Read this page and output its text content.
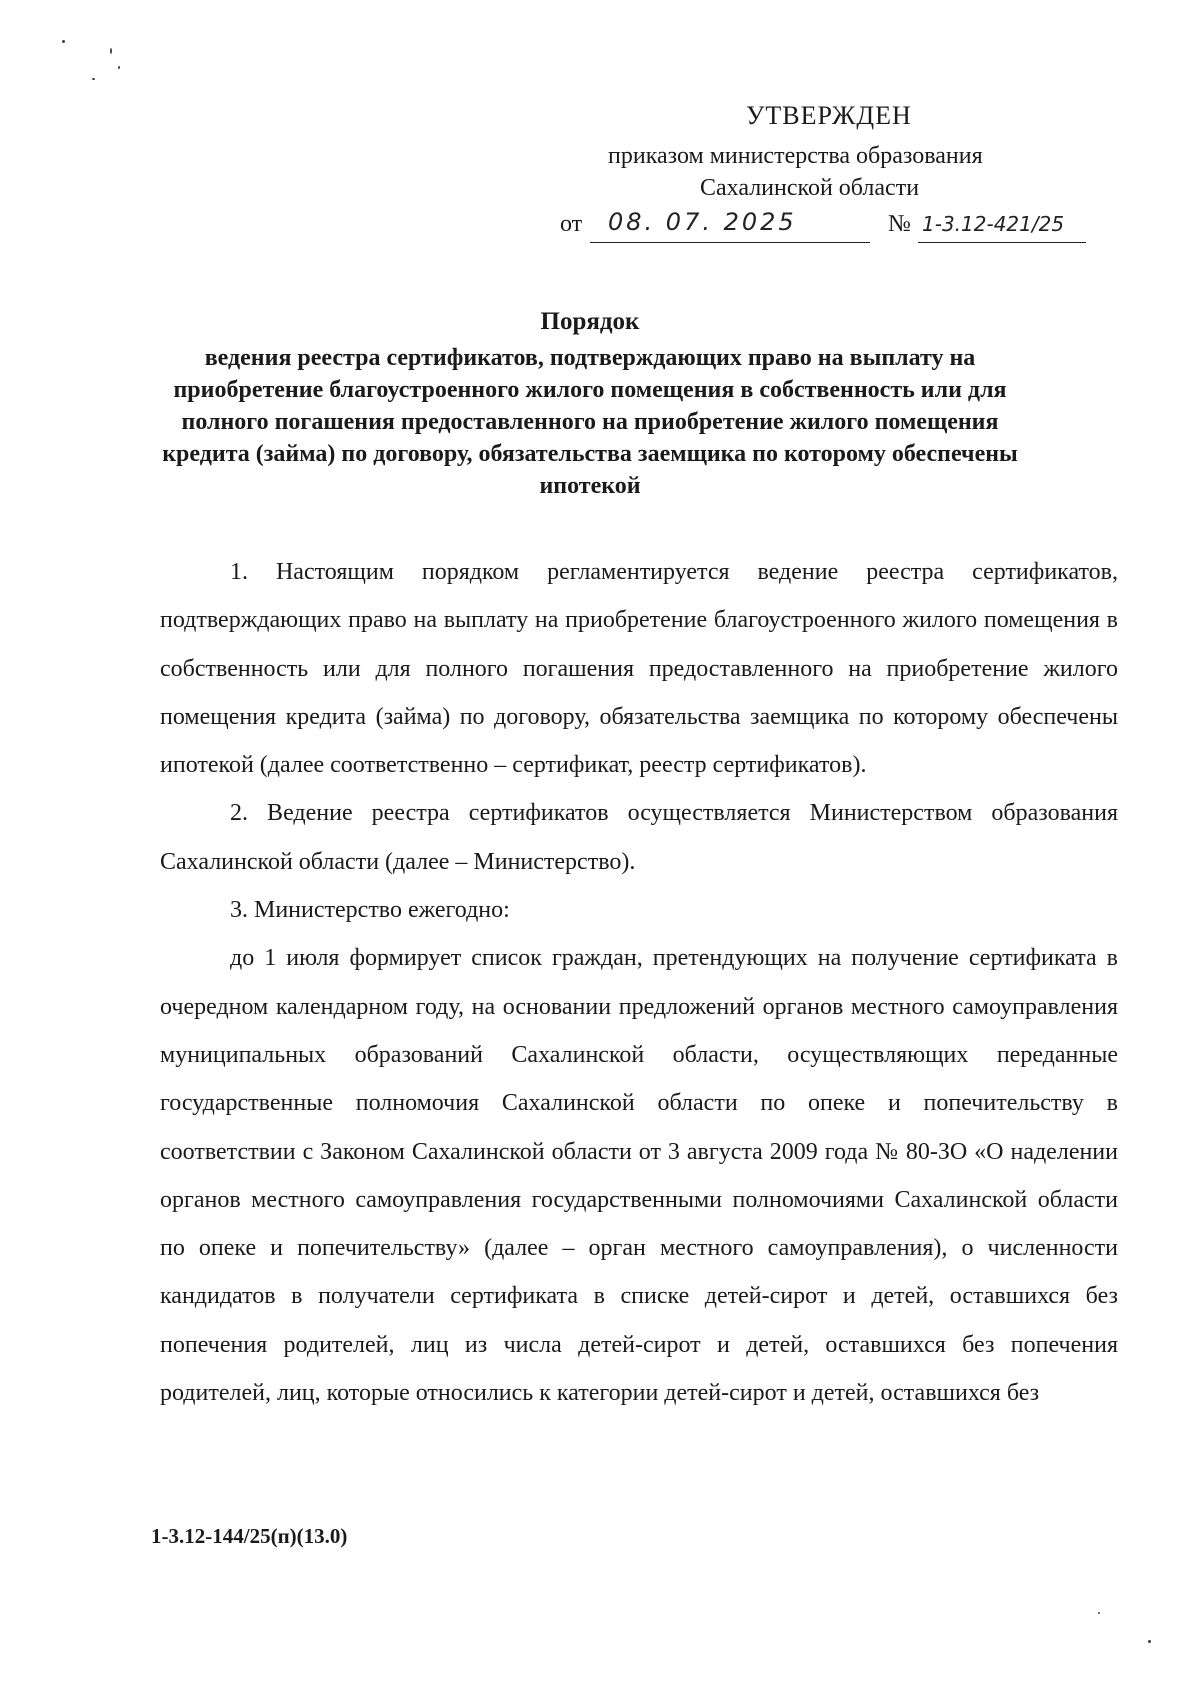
УТВЕРЖДЕН
приказом министерства образования
Сахалинской области
от 08. 07. 2025	№ 1-3.12-421/25
Порядок
ведения реестра сертификатов, подтверждающих право на выплату на приобретение благоустроенного жилого помещения в собственность или для полного погашения предоставленного на приобретение жилого помещения кредита (займа) по договору, обязательства заемщика по которому обеспечены ипотекой

1. Настоящим порядком регламентируется ведение реестра сертификатов, подтверждающих право на выплату на приобретение благоустроенного жилого помещения в собственность или для полного погашения предоставленного на приобретение жилого помещения кредита (займа) по договору, обязательства заемщика по которому обеспечены ипотекой (далее соответственно – сертификат, реестр сертификатов).

2. Ведение реестра сертификатов осуществляется Министерством образования Сахалинской области (далее – Министерство).

3. Министерство ежегодно:

до 1 июля формирует список граждан, претендующих на получение сертификата в очередном календарном году, на основании предложений органов местного самоуправления муниципальных образований Сахалинской области, осуществляющих переданные государственные полномочия Сахалинской области по опеке и попечительству в соответствии с Законом Сахалинской области от 3 августа 2009 года № 80-ЗО «О наделении органов местного самоуправления государственными полномочиями Сахалинской области по опеке и попечительству» (далее – орган местного самоуправления), о численности кандидатов в получатели сертификата в списке детей-сирот и детей, оставшихся без попечения родителей, лиц из числа детей-сирот и детей, оставшихся без попечения родителей, лиц, которые относились к категории детей-сирот и детей, оставшихся без

1-3.12-144/25(п)(13.0)
